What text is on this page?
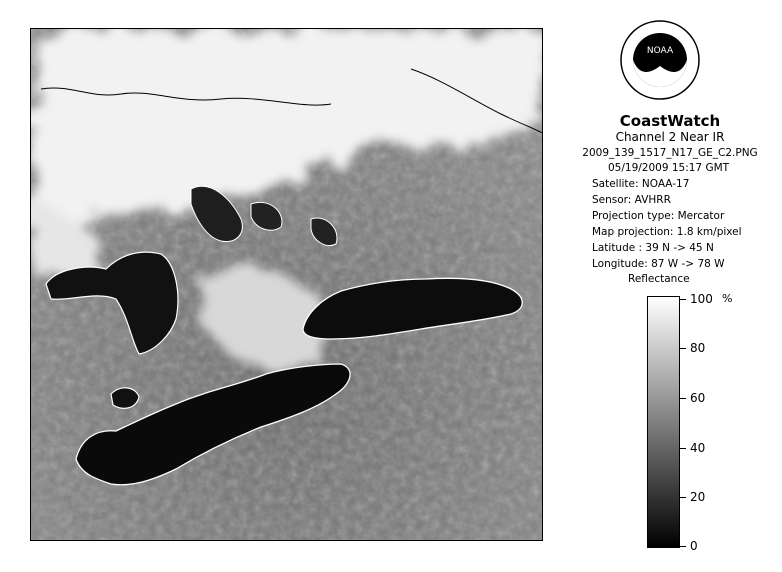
NOAA
CoastWatch
Channel 2 Near IR
2009_139_1517_N17_GE_C2.PNG
05/19/2009 15:17 GMT
Satellite: NOAA-17
Sensor: AVHRR
Projection type: Mercator
Map projection: 1.8 km/pixel
Latitude : 39 N -> 45 N
Longitude: 87 W -> 78 W
Reflectance
%
100
80
60
40
20
0
